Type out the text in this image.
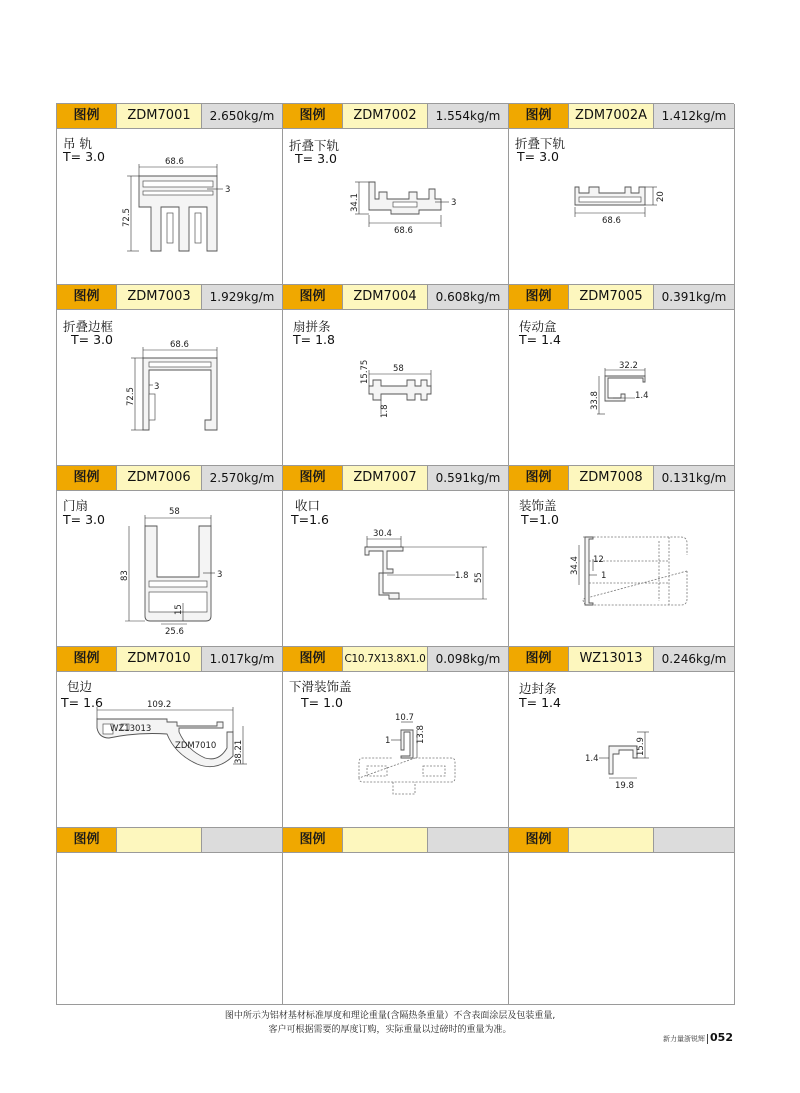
图例	ZDM7001	2.650kg/m
吊 轨
T= 3.0	68.6
3
72.5
图例	ZDM7002	1.554kg/m
折叠下轨
T= 3.0
34.1	3
68.6
图例	ZDM7002A	1.412kg/m
折叠下轨
T= 3.0
20
68.6
图例	ZDM7003	1.929kg/m
折叠边框
T= 3.0	68.6
72.5
3
图例	ZDM7004	0.608kg/m
扇拼条
T= 1.8
15.75	58
1.8
图例	ZDM7005	0.391kg/m
传动盒
T= 1.4
32.2
33.8	1.4
图例	ZDM7006	2.570kg/m
门扇
T= 3.0	58
83	3
15
25.6
图例	ZDM7007	0.591kg/m
收口
T=1.6
30.4
1.8 55
图例	ZDM7008	0.131kg/m
装饰盖
T=1.0
12
34.4
1
图例	ZDM7010	1.017kg/m
包边
T= 1.6	109.2
WZ13013
ZDM7010 38.21
图例	C10.7X13.8X1.0 0.098kg/m
下滑装饰盖
T= 1.0
10.7
13.8
1
图例	WZ13013	0.246kg/m
边封条
T= 1.4
15.9
1.4
19.8
图例	图例	图例
图中所示为铝材基材标准厚度和理论重量(含隔热条重量）不含表面涂层及包装重量,
客户可根据需要的厚度订购，实际重量以过磅时的重量为准。
新力量浙锐辉 052
